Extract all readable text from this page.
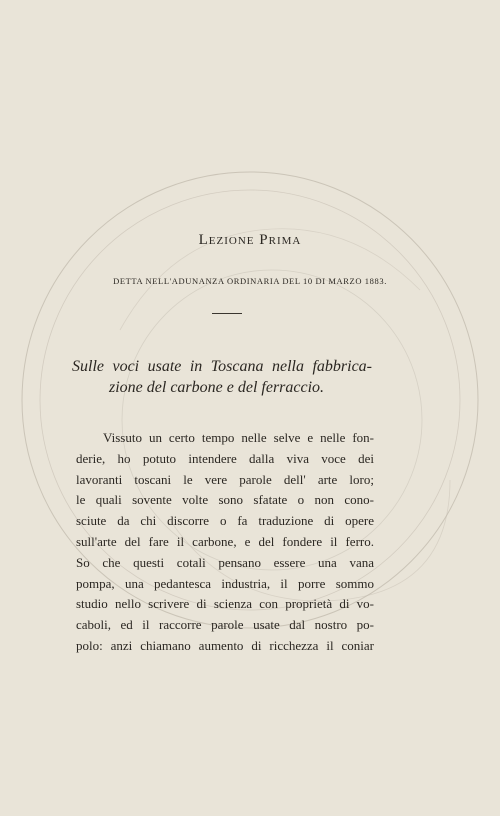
Lezione Prima
DETTA NELL'ADUNANZA ORDINARIA DEL 10 DI MARZO 1883.
Sulle voci usate in Toscana nella fabbrica-
zione del carbone e del ferraccio.

Vissuto un certo tempo nelle selve e nelle fon-
derie, ho potuto intendere dalla viva voce dei
lavoranti toscani le vere parole dell' arte loro;
le quali sovente volte sono sfatate o non cono-
sciute da chi discorre o fa traduzione di opere
sull'arte del fare il carbone, e del fondere il ferro.
So che questi cotali pensano essere una vana
pompa, una pedantesca industria, il porre sommo
studio nello scrivere di scienza con proprietà di vo-
caboli, ed il raccorre parole usate dal nostro po-
polo: anzi chiamano aumento di ricchezza il coniar
